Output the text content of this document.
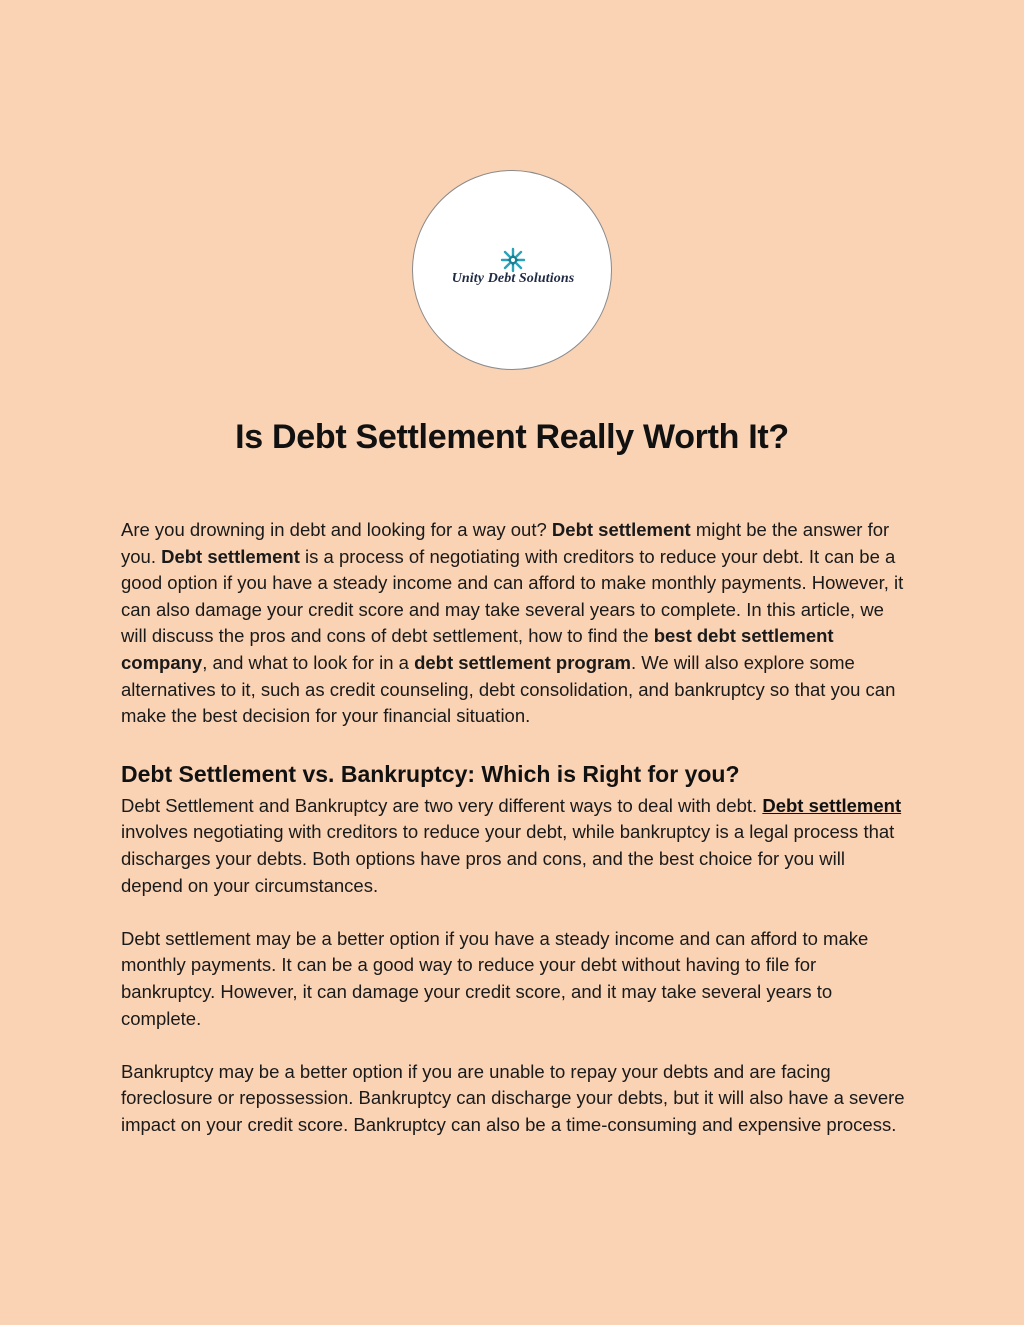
Unity Debt Solutions
Is Debt Settlement Really Worth It?

Are you drowning in debt and looking for a way out? Debt settlement might be the answer for you. Debt settlement is a process of negotiating with creditors to reduce your debt. It can be a good option if you have a steady income and can afford to make monthly payments. However, it can also damage your credit score and may take several years to complete. In this article, we will discuss the pros and cons of debt settlement, how to find the best debt settlement company, and what to look for in a debt settlement program. We will also explore some alternatives to it, such as credit counseling, debt consolidation, and bankruptcy so that you can make the best decision for your financial situation.

Debt Settlement vs. Bankruptcy: Which is Right for you?

Debt Settlement and Bankruptcy are two very different ways to deal with debt. Debt settlement involves negotiating with creditors to reduce your debt, while bankruptcy is a legal process that discharges your debts. Both options have pros and cons, and the best choice for you will depend on your circumstances.

Debt settlement may be a better option if you have a steady income and can afford to make monthly payments. It can be a good way to reduce your debt without having to file for bankruptcy. However, it can damage your credit score, and it may take several years to complete.

Bankruptcy may be a better option if you are unable to repay your debts and are facing foreclosure or repossession. Bankruptcy can discharge your debts, but it will also have a severe impact on your credit score. Bankruptcy can also be a time-consuming and expensive process.
